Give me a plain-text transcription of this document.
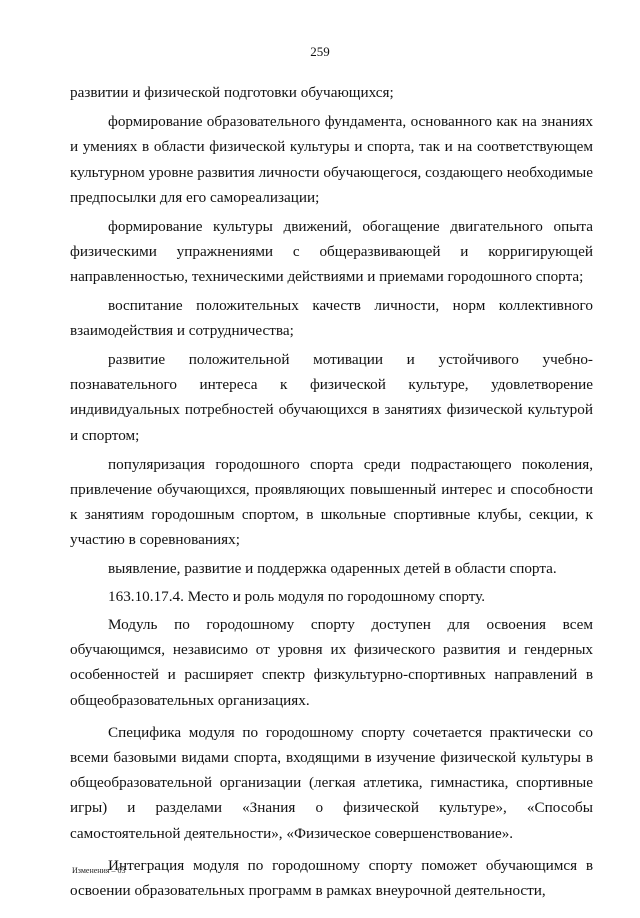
259

развитии и физической подготовки обучающихся;

формирование образовательного фундамента, основанного как на знаниях и умениях в области физической культуры и спорта, так и на соответствующем культурном уровне развития личности обучающегося, создающего необходимые предпосылки для его самореализации;

формирование культуры движений, обогащение двигательного опыта физическими упражнениями с общеразвивающей и корригирующей направленностью, техническими действиями и приемами городошного спорта;

воспитание положительных качеств личности, норм коллективного взаимодействия и сотрудничества;

развитие положительной мотивации и устойчивого учебно-познавательного интереса к физической культуре, удовлетворение индивидуальных потребностей обучающихся в занятиях физической культурой и спортом;

популяризация городошного спорта среди подрастающего поколения, привлечение обучающихся, проявляющих повышенный интерес и способности к занятиям городошным спортом, в школьные спортивные клубы, секции, к участию в соревнованиях;

выявление, развитие и поддержка одаренных детей в области спорта.

163.10.17.4. Место и роль модуля по городошному спорту.

Модуль по городошному спорту доступен для освоения всем обучающимся, независимо от уровня их физического развития и гендерных особенностей и расширяет спектр физкультурно-спортивных направлений в общеобразовательных организациях.

Специфика модуля по городошному спорту сочетается практически со всеми базовыми видами спорта, входящими в изучение физической культуры в общеобразовательной организации (легкая атлетика, гимнастика, спортивные игры) и разделами «Знания о физической культуре», «Способы самостоятельной деятельности», «Физическое совершенствование».

Интеграция модуля по городошному спорту поможет обучающимся в освоении образовательных программ в рамках внеурочной деятельности,

Изменения – 03
